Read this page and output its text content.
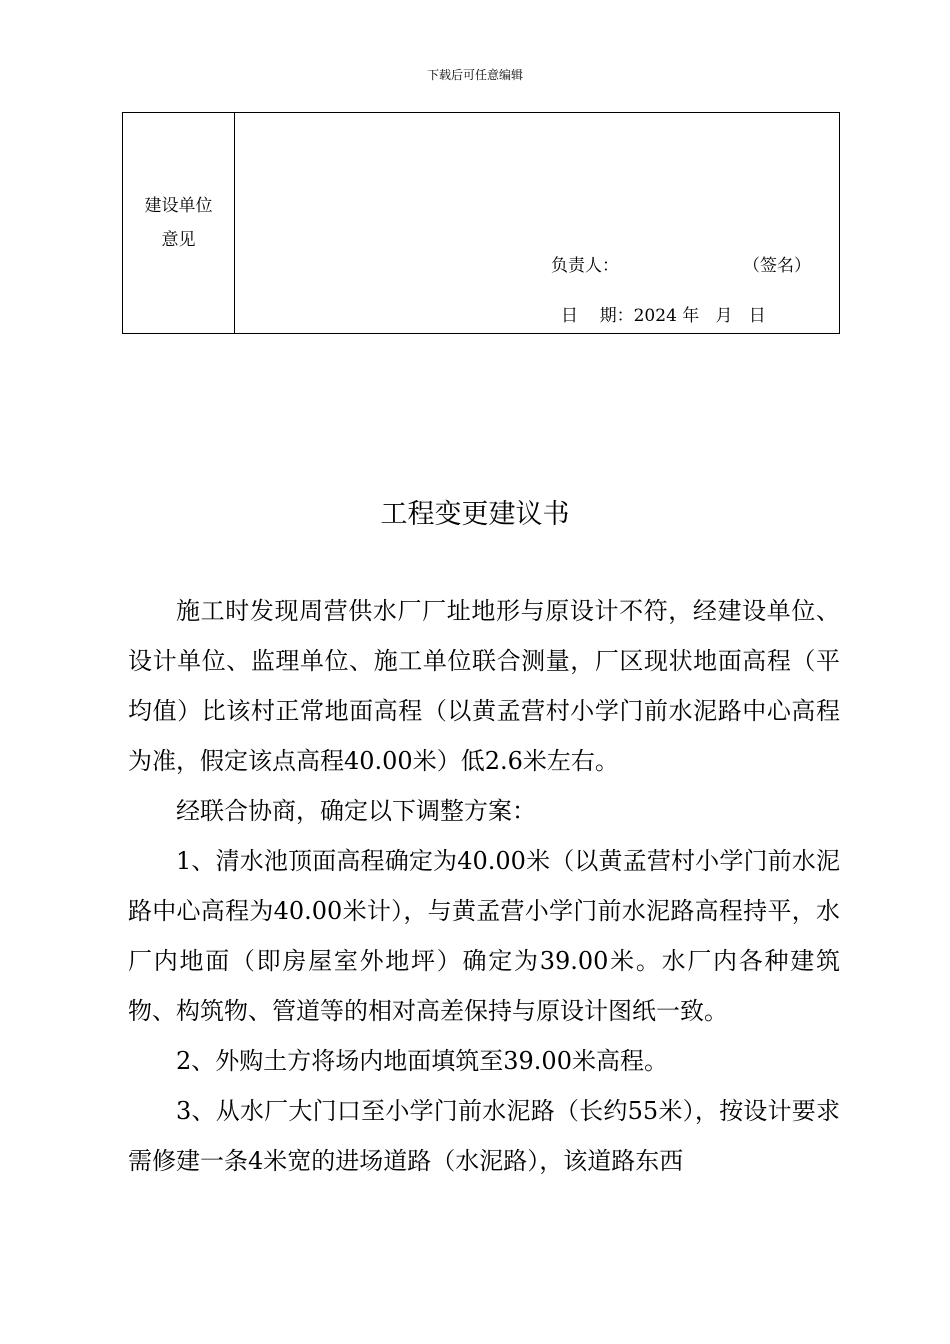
下载后可任意编辑
建设单位
意见
负责人：	（签名）
日    期：2024 年   月   日
工程变更建议书

施工时发现周营供水厂厂址地形与原设计不符，经建设单位、设计单位、监理单位、施工单位联合测量，厂区现状地面高程（平均值）比该村正常地面高程（以黄孟营村小学门前水泥路中心高程为准，假定该点高程40.00米）低2.6米左右。

经联合协商，确定以下调整方案：

1、清水池顶面高程确定为40.00米（以黄孟营村小学门前水泥路中心高程为40.00米计），与黄孟营小学门前水泥路高程持平，水厂内地面（即房屋室外地坪）确定为39.00米。水厂内各种建筑物、构筑物、管道等的相对高差保持与原设计图纸一致。

2、外购土方将场内地面填筑至39.00米高程。

3、从水厂大门口至小学门前水泥路（长约55米），按设计要求需修建一条4米宽的进场道路（水泥路），该道路东西
